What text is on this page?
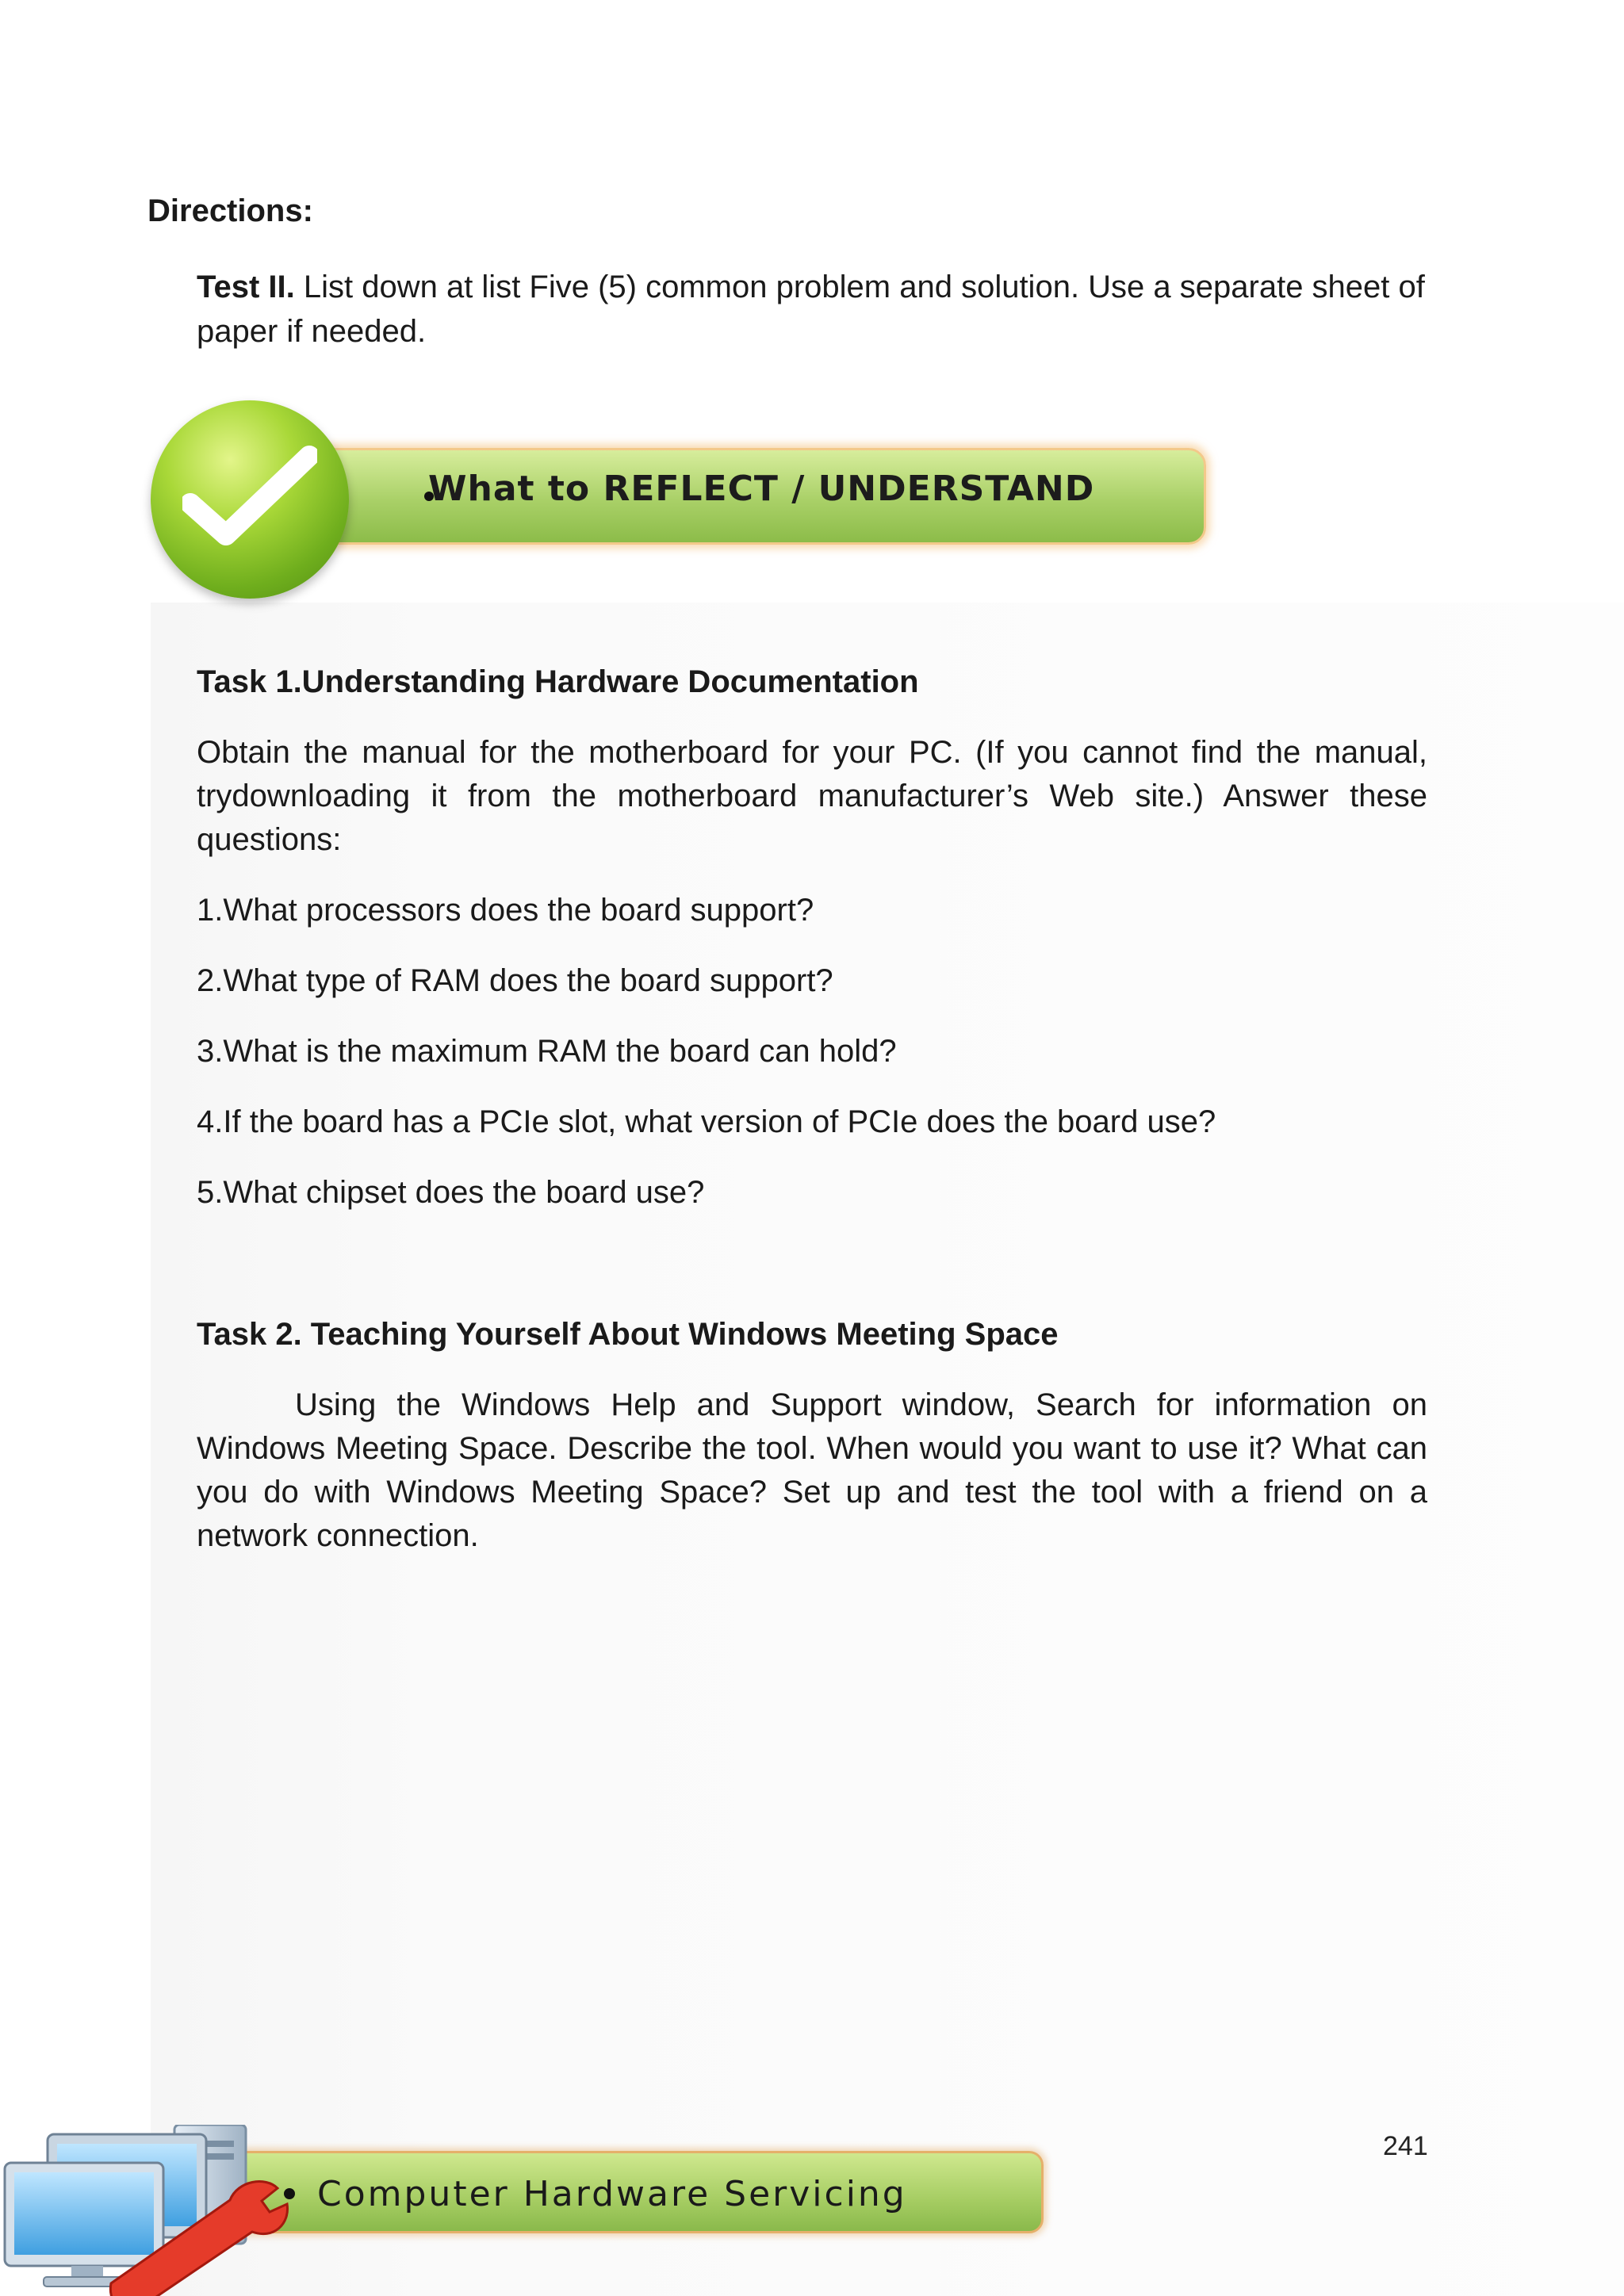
Directions:
Test II. List down at list Five (5) common problem and solution. Use a separate sheet of paper if needed.
What to REFLECT / UNDERSTAND
Task 1.Understanding Hardware Documentation
Obtain the manual for the motherboard for your PC. (If you cannot find the manual, trydownloading it from the motherboard manufacturer’s Web site.) Answer these questions:
1.What processors does the board support?
2.What type of RAM does the board support?
3.What is the maximum RAM the board can hold?
4.If the board has a PCIe slot, what version of PCIe does the board use?
5.What chipset does the board use?
Task 2. Teaching Yourself About Windows Meeting Space
Using the Windows Help and Support window, Search for information on Windows Meeting Space. Describe the tool. When would you want to use it? What can you do with Windows Meeting Space? Set up and test the tool with a friend on a network connection.
241
Computer Hardware Servicing
